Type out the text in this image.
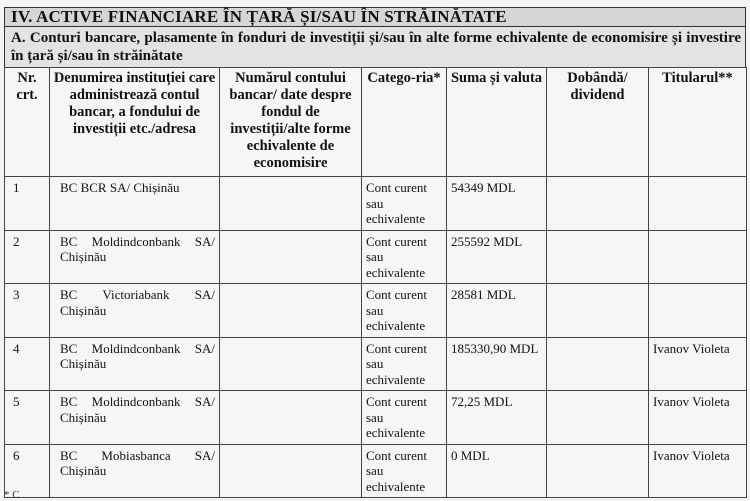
IV. ACTIVE FINANCIARE ÎN ȚARĂ ȘI/SAU ÎN STRĂINĂTATE
A. Conturi bancare, plasamente în fonduri de investiții și/sau în alte forme echivalente de economisire și investire în țară și/sau în străinătate
Nr. crt.	Denumirea instituției care administrează contul bancar, a fondului de investiții etc./adresa	Numărul contului bancar/ date despre fondul de investiții/alte forme echivalente de economisire	Catego-ria*	Suma și valuta	Dobândă/ dividend	Titularul**
1	BC BCR SA/ Chișinău		Cont curent sau echivalente	54349 MDL		
2	BC Moldindconbank SA/ Chișinău		Cont curent sau echivalente	255592 MDL		
3	BC Victoriabank SA/ Chișinău		Cont curent sau echivalente	28581 MDL		
4	BC Moldindconbank SA/ Chișinău		Cont curent sau echivalente	185330,90 MDL		Ivanov Violeta
5	BC Moldindconbank SA/ Chișinău		Cont curent sau echivalente	72,25 MDL		Ivanov Violeta
6	BC Mobiasbanca SA/ Chișinău		Cont curent sau echivalente	0 MDL		Ivanov Violeta
* C
